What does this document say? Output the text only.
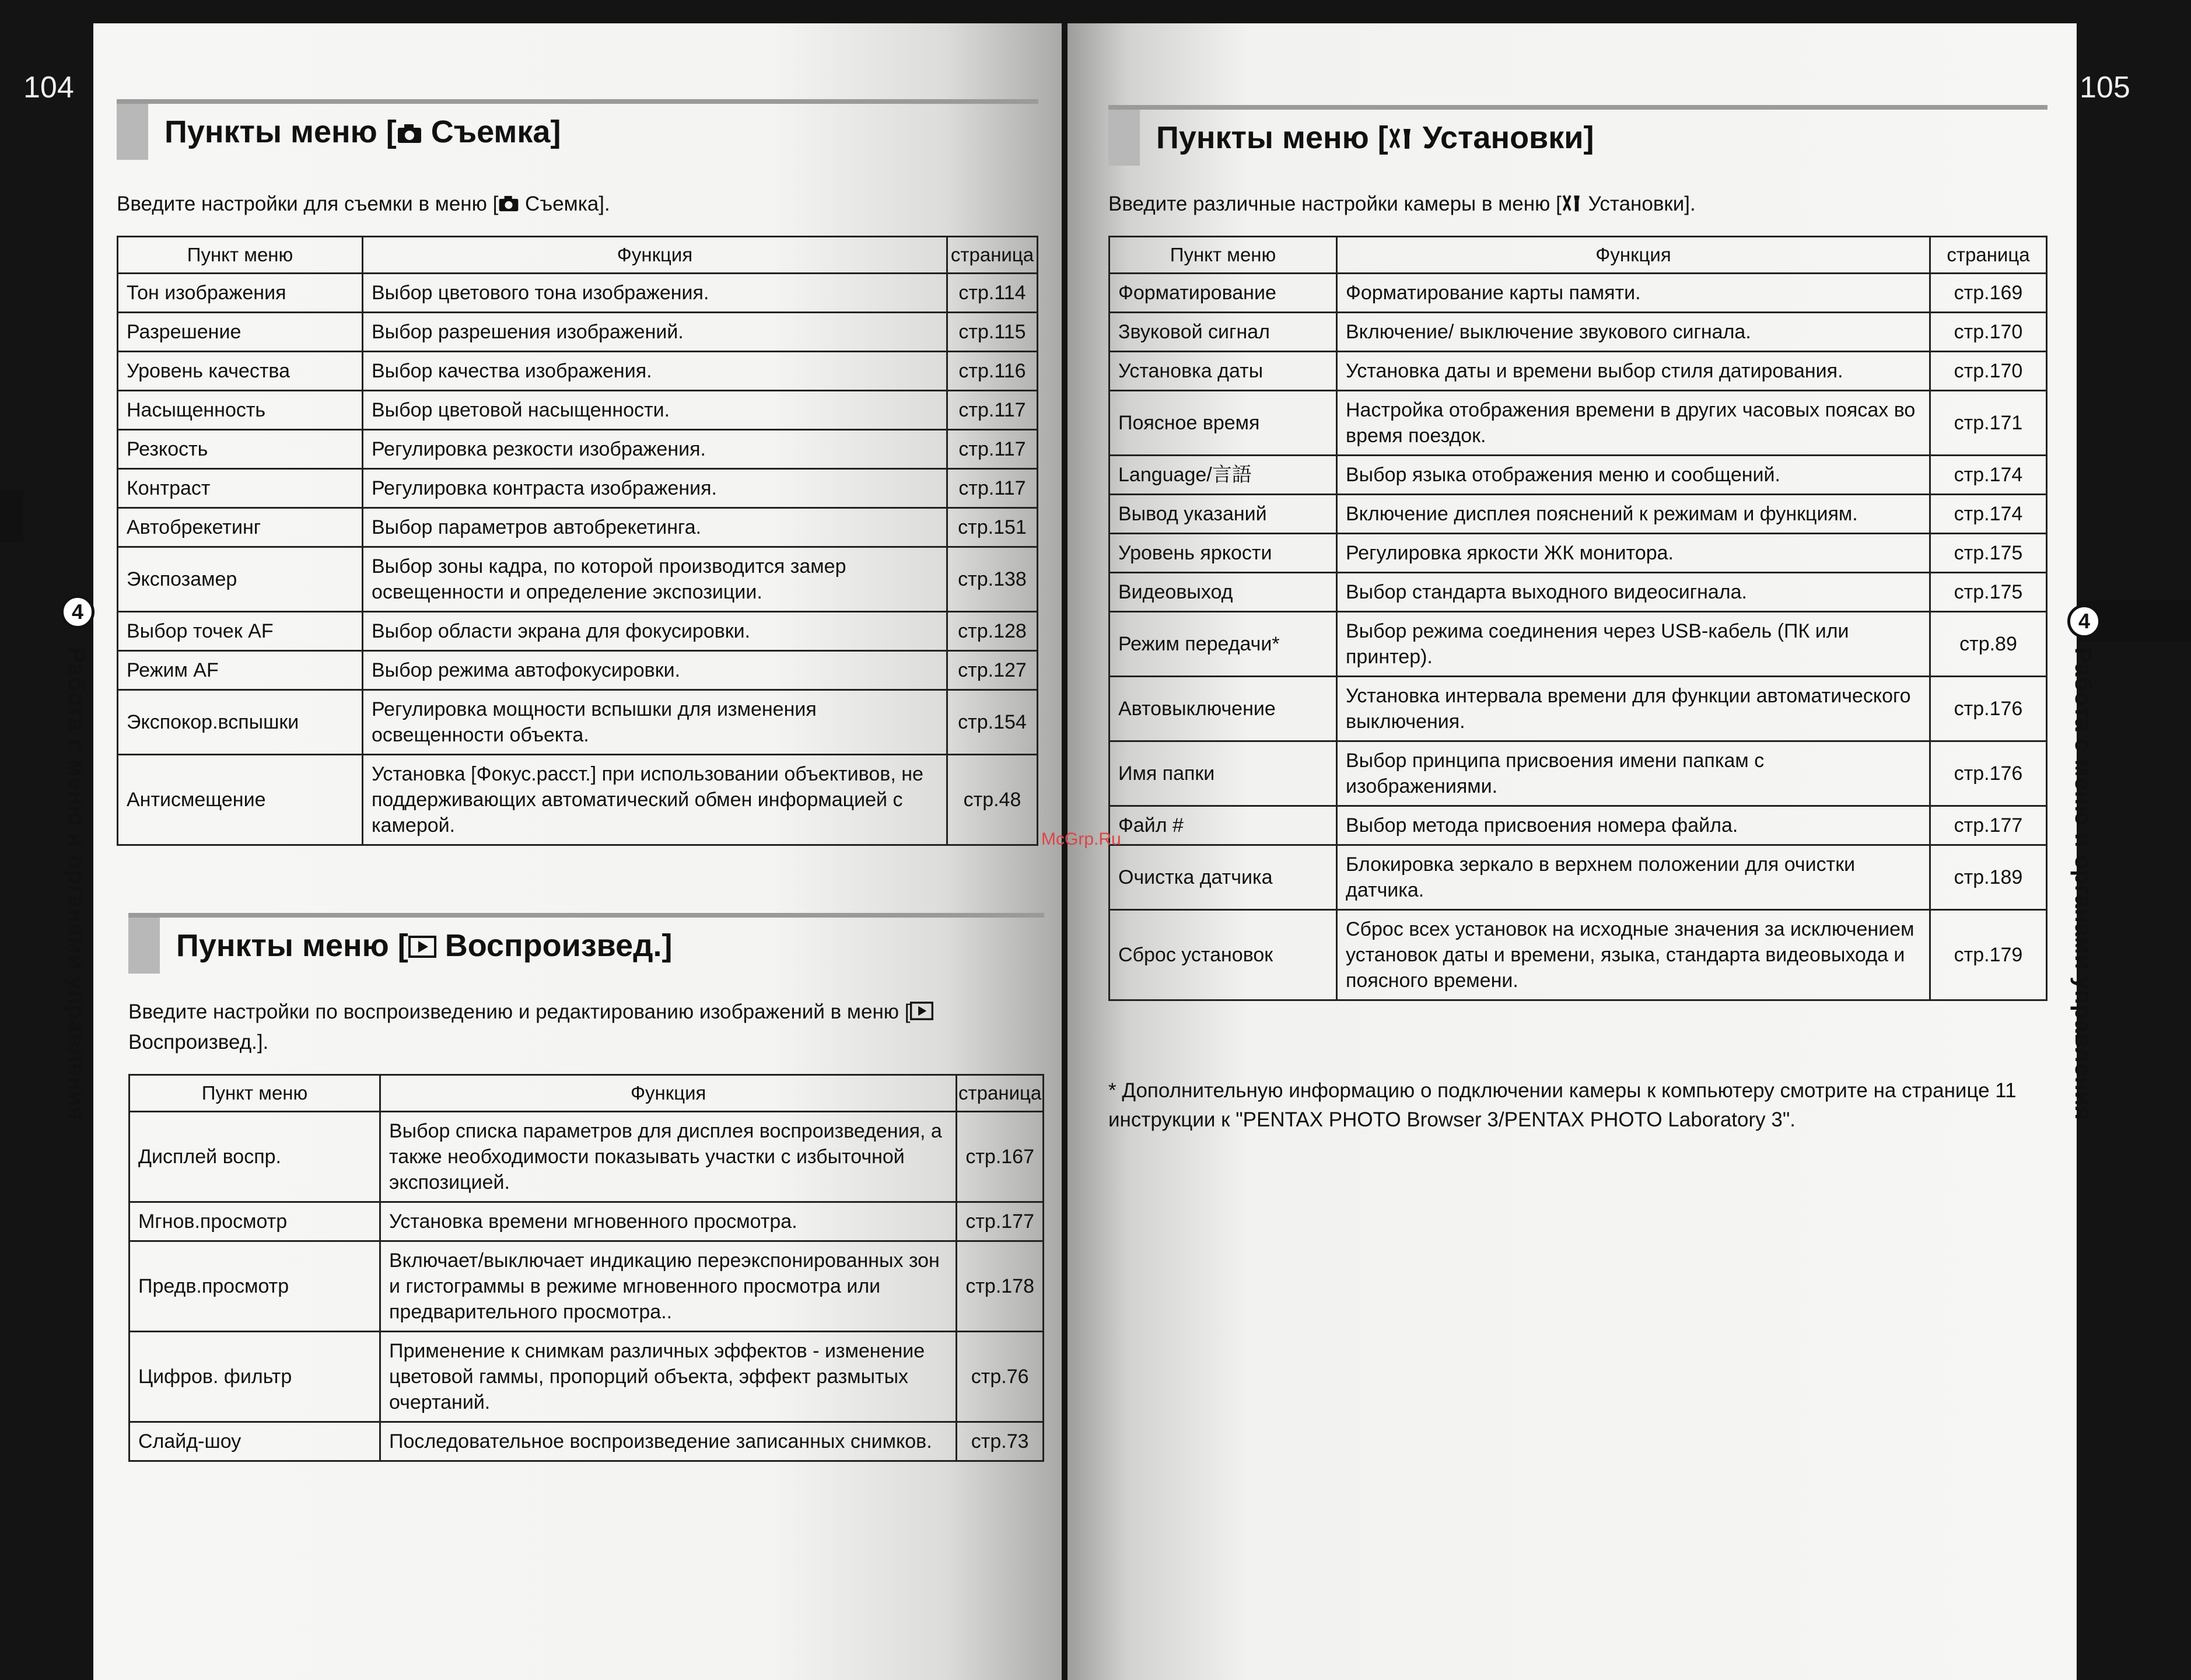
104	105
Пункты меню [ Съемка]
Введите настройки для съемки в меню [ Съемка].
Пункт меню	Функция	страница
Тон изображения	Выбор цветового тона изображения.	стр.114
Разрешение	Выбор разрешения изображений.	стр.115
Уровень качества	Выбор качества изображения.	стр.116
Насыщенность	Выбор цветовой насыщенности.	стр.117
Резкость	Регулировка резкости изображения.	стр.117
Контраст	Регулировка контраста изображения.	стр.117
Автобрекетинг	Выбор параметров автобрекетинга.	стр.151
Экспозамер	Выбор зоны кадра, по которой производится замер освещенности и определение экспозиции.	стр.138
Выбор точек AF	Выбор области экрана для фокусировки.	стр.128
Режим AF	Выбор режима автофокусировки.	стр.127
Экспокор.вспышки	Регулировка мощности вспышки для изменения освещенности объекта.	стр.154
Антисмещение	Установка [Фокус.расст.] при использовании объективов, не поддерживающих автоматический обмен информацией с камерой.	стр.48
Пункты меню [ Воспроизвед.]
Введите настройки по воспроизведению и редактированию изображений в меню [ Воспроизвед.].
Пункт меню	Функция	страница
Дисплей воспр.	Выбор списка параметров для дисплея воспроизведения, а также необходимости показывать участки с избыточной экспозицией.	стр.167
Мгнов.просмотр	Установка времени мгновенного просмотра.	стр.177
Предв.просмотр	Включает/выключает индикацию переэкспонированных зон и гистограммы в режиме мгновенного просмотра или предварительного просмотра..	стр.178
Цифров. фильтр	Применение к снимкам различных эффектов - изменение цветовой гаммы, пропорций объекта, эффект размытых очертаний.	стр.76
Слайд-шоу	Последовательное воспроизведение записанных снимков.	стр.73
4
Работа с меню и органами управления
Пункты меню [ Установки]
Введите различные настройки камеры в меню [ Установки].
Пункт меню	Функция	страница
Форматирование	Форматирование карты памяти.	стр.169
Звуковой сигнал	Включение/ выключение звукового сигнала.	стр.170
Установка даты	Установка даты и времени выбор стиля датирования.	стр.170
Поясное время	Настройка отображения времени в других часовых поясах во время поездок.	стр.171
Language/言語	Выбор языка отображения меню и сообщений.	стр.174
Вывод указаний	Включение дисплея пояснений к режимам и функциям.	стр.174
Уровень яркости	Регулировка яркости ЖК монитора.	стр.175
Видеовыход	Выбор стандарта выходного видеосигнала.	стр.175
Режим передачи*	Выбор режима соединения через USB-кабель (ПК или принтер).	стр.89
Автовыключение	Установка интервала времени для функции автоматического выключения.	стр.176
Имя папки	Выбор принципа присвоения имени папкам с изображениями.	стр.176
Файл #	Выбор метода присвоения номера файла.	стр.177
Очистка датчика	Блокировка зеркало в верхнем положении для очистки датчика.	стр.189
Сброс установок	Сброс всех установок на исходные значения за исключением установок даты и времени, языка, стандарта видеовыхода и поясного времени.	стр.179
* Дополнительную информацию о подключении камеры к компьютеру смотрите на странице 11 инструкции к "PENTAX PHOTO Browser 3/PENTAX PHOTO Laboratory 3".
4
Работа с меню и органами управления
McGrp.Ru
